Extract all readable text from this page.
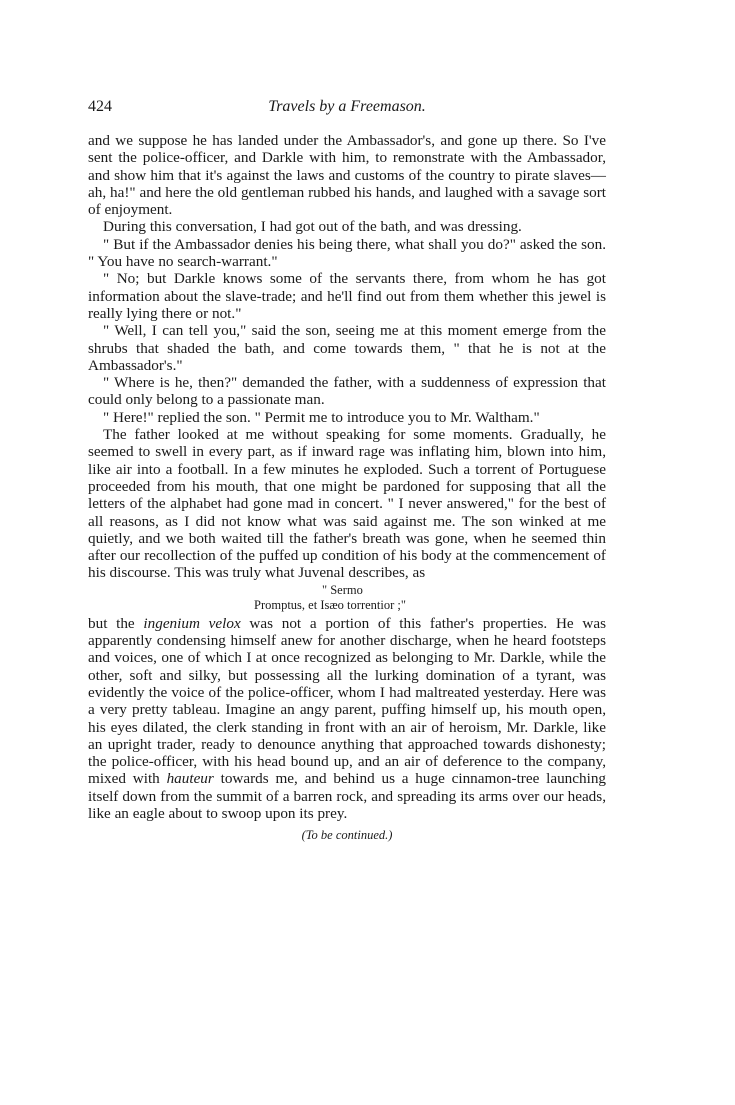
424	Travels by a Freemason.

and we suppose he has landed under the Ambassador's, and gone up there. So I've sent the police-officer, and Darkle with him, to remonstrate with the Ambassador, and show him that it's against the laws and customs of the country to pirate slaves—ah, ha!" and here the old gentleman rubbed his hands, and laughed with a savage sort of enjoyment.

During this conversation, I had got out of the bath, and was dressing.

" But if the Ambassador denies his being there, what shall you do?" asked the son. " You have no search-warrant."

" No; but Darkle knows some of the servants there, from whom he has got information about the slave-trade; and he'll find out from them whether this jewel is really lying there or not."

" Well, I can tell you," said the son, seeing me at this moment emerge from the shrubs that shaded the bath, and come towards them, " that he is not at the Ambassador's."

" Where is he, then?" demanded the father, with a suddenness of expression that could only belong to a passionate man.

" Here!" replied the son. " Permit me to introduce you to Mr. Waltham."

The father looked at me without speaking for some moments. Gradually, he seemed to swell in every part, as if inward rage was inflating him, blown into him, like air into a football. In a few minutes he exploded. Such a torrent of Portuguese proceeded from his mouth, that one might be pardoned for supposing that all the letters of the alphabet had gone mad in concert. " I never answered," for the best of all reasons, as I did not know what was said against me. The son winked at me quietly, and we both waited till the father's breath was gone, when he seemed thin after our recollection of the puffed up condition of his body at the commencement of his discourse. This was truly what Juvenal describes, as

" Sermo
Promptus, et Isæo torrentior ;"

but the ingenium velox was not a portion of this father's properties. He was apparently condensing himself anew for another discharge, when he heard footsteps and voices, one of which I at once recognized as belonging to Mr. Darkle, while the other, soft and silky, but possessing all the lurking domination of a tyrant, was evidently the voice of the police-officer, whom I had maltreated yesterday. Here was a very pretty tableau. Imagine an angy parent, puffing himself up, his mouth open, his eyes dilated, the clerk standing in front with an air of heroism, Mr. Darkle, like an upright trader, ready to denounce anything that approached towards dishonesty; the police-officer, with his head bound up, and an air of deference to the company, mixed with hauteur towards me, and behind us a huge cinnamon-tree launching itself down from the summit of a barren rock, and spreading its arms over our heads, like an eagle about to swoop upon its prey.

(To be continued.)
